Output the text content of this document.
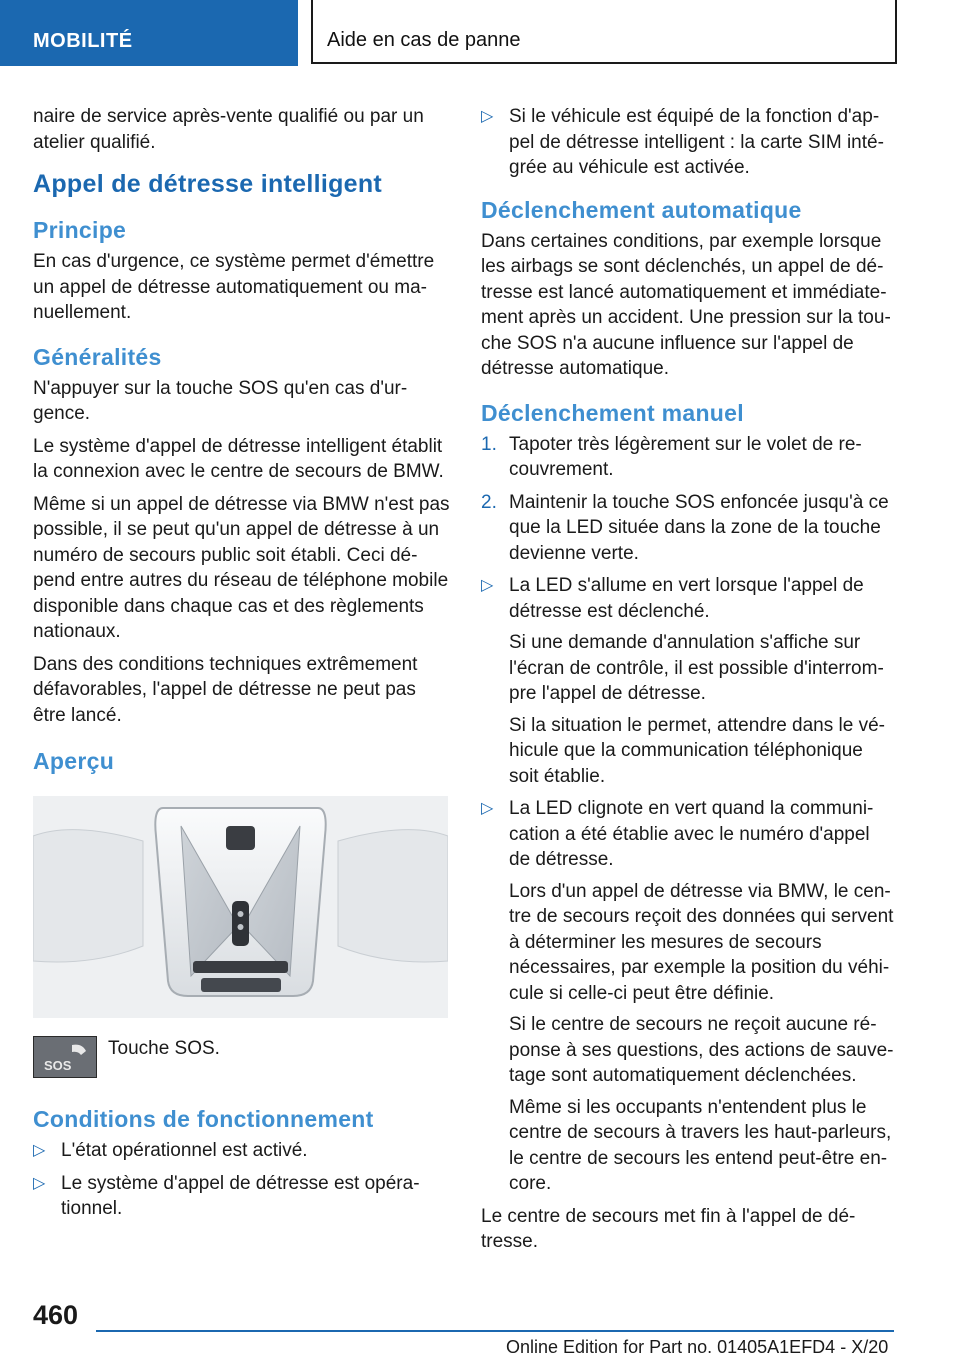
MOBILITÉ	Aide en cas de panne

naire de service après-vente qualifié ou par un atelier qualifié.

Appel de détresse intelligent
Principe

En cas d'urgence, ce système permet d'émettre un appel de détresse automatiquement ou manuellement.

Généralités

N'appuyer sur la touche SOS qu'en cas d'urgence.

Le système d'appel de détresse intelligent établit la connexion avec le centre de secours de BMW.

Même si un appel de détresse via BMW n'est pas possible, il se peut qu'un appel de détresse à un numéro de secours public soit établi. Ceci dépend entre autres du réseau de téléphone mobile disponible dans chaque cas et des règlements nationaux.

Dans des conditions techniques extrêmement défavorables, l'appel de détresse ne peut pas être lancé.

Aperçu
SOS
Touche SOS.
Conditions de fonctionnement
▷ L'état opérationnel est activé.
▷ Le système d'appel de détresse est opérationnel.
▷ Si le véhicule est équipé de la fonction d'appel de détresse intelligent : la carte SIM intégrée au véhicule est activée.
Déclenchement automatique

Dans certaines conditions, par exemple lorsque les airbags se sont déclenchés, un appel de détresse est lancé automatiquement et immédiatement après un accident. Une pression sur la touche SOS n'a aucune influence sur l'appel de détresse automatique.

Déclenchement manuel
1. Tapoter très légèrement sur le volet de recouvrement.
2. Maintenir la touche SOS enfoncée jusqu'à ce que la LED située dans la zone de la touche devienne verte.
▷ La LED s'allume en vert lorsque l'appel de détresse est déclenché.

Si une demande d'annulation s'affiche sur l'écran de contrôle, il est possible d'interrompre l'appel de détresse.

Si la situation le permet, attendre dans le véhicule que la communication téléphonique soit établie.

▷ La LED clignote en vert quand la communication a été établie avec le numéro d'appel de détresse.

Lors d'un appel de détresse via BMW, le centre de secours reçoit des données qui servent à déterminer les mesures de secours nécessaires, par exemple la position du véhicule si celle-ci peut être définie.

Si le centre de secours ne reçoit aucune réponse à ses questions, des actions de sauvetage sont automatiquement déclenchées.

Même si les occupants n'entendent plus le centre de secours à travers les haut-parleurs, le centre de secours les entend peut-être encore.

Le centre de secours met fin à l'appel de détresse.

460
Online Edition for Part no. 01405A1EFD4 - X/20
